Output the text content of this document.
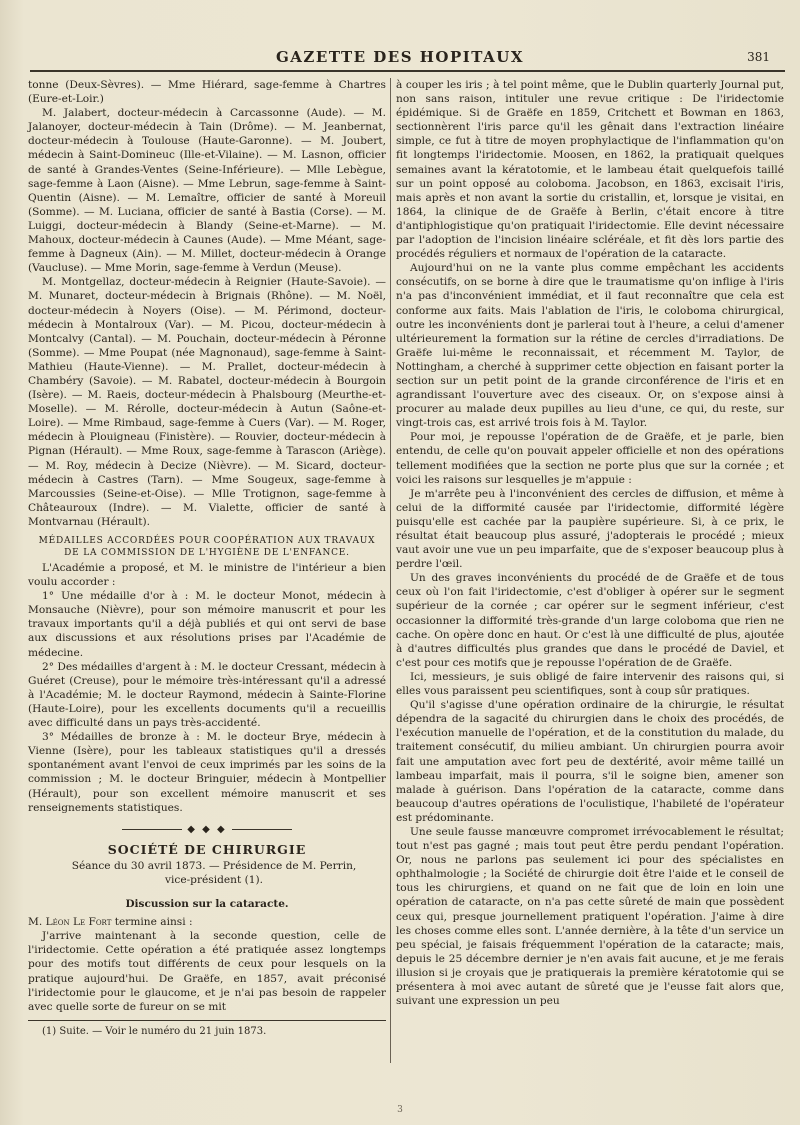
GAZETTE DES HOPITAUX	381

tonne (Deux-Sèvres). — Mme Hiérard, sage-femme à Chartres (Eure-et-Loir.)

M. Jalabert, docteur-médecin à Carcassonne (Aude). — M. Jalanoyer, docteur-médecin à Tain (Drôme). — M. Jeanbernat, docteur-médecin à Toulouse (Haute-Garonne). — M. Joubert, médecin à Saint-Domineuc (Ille-et-Vilaine). — M. Lasnon, officier de santé à Grandes-Ventes (Seine-Inférieure). — Mlle Lebègue, sage-femme à Laon (Aisne). — Mme Lebrun, sage-femme à Saint-Quentin (Aisne). — M. Lemaître, officier de santé à Moreuil (Somme). — M. Luciana, officier de santé à Bastia (Corse). — M. Luiggi, docteur-médecin à Blandy (Seine-et-Marne). — M. Mahoux, docteur-médecin à Caunes (Aude). — Mme Méant, sage-femme à Dagneux (Ain). — M. Millet, docteur-médecin à Orange (Vaucluse). — Mme Morin, sage-femme à Verdun (Meuse).

M. Montgellaz, docteur-médecin à Reignier (Haute-Savoie). — M. Munaret, docteur-médecin à Brignais (Rhône). — M. Noël, docteur-médecin à Noyers (Oise). — M. Périmond, docteur-médecin à Montalroux (Var). — M. Picou, docteur-médecin à Montcalvy (Cantal). — M. Pouchain, docteur-médecin à Péronne (Somme). — Mme Poupat (née Magnonaud), sage-femme à Saint-Mathieu (Haute-Vienne). — M. Prallet, docteur-médecin à Chambéry (Savoie). — M. Rabatel, docteur-médecin à Bourgoin (Isère). — M. Raeis, docteur-médecin à Phalsbourg (Meurthe-et-Moselle). — M. Rérolle, docteur-médecin à Autun (Saône-et-Loire). — Mme Rimbaud, sage-femme à Cuers (Var). — M. Roger, médecin à Plouigneau (Finistère). — Rouvier, docteur-médecin à Pignan (Hérault). — Mme Roux, sage-femme à Tarascon (Ariège). — M. Roy, médecin à Decize (Nièvre). — M. Sicard, docteur-médecin à Castres (Tarn). — Mme Sougeux, sage-femme à Marcoussies (Seine-et-Oise). — Mlle Trotignon, sage-femme à Châteauroux (Indre). — M. Vialette, officier de santé à Montvarnau (Hérault).

MÉDAILLES ACCORDÉES POUR COOPÉRATION AUX TRAVAUX
DE LA COMMISSION DE L'HYGIÈNE DE L'ENFANCE.

L'Académie a proposé, et M. le ministre de l'intérieur a bien voulu accorder :

1° Une médaille d'or à : M. le docteur Monot, médecin à Monsauche (Nièvre), pour son mémoire manuscrit et pour les travaux importants qu'il a déjà publiés et qui ont servi de base aux discussions et aux résolutions prises par l'Académie de médecine.

2° Des médailles d'argent à : M. le docteur Cressant, médecin à Guéret (Creuse), pour le mémoire très-intéressant qu'il a adressé à l'Académie; M. le docteur Raymond, médecin à Sainte-Florine (Haute-Loire), pour les excellents documents qu'il a recueillis avec difficulté dans un pays très-accidenté.

3° Médailles de bronze à : M. le docteur Brye, médecin à Vienne (Isère), pour les tableaux statistiques qu'il a dressés spontanément avant l'envoi de ceux imprimés par les soins de la commission ; M. le docteur Bringuier, médecin à Montpellier (Hérault), pour son excellent mémoire manuscrit et ses renseignements statistiques.

◆ ◆ ◆
SOCIÉTÉ DE CHIRURGIE

Séance du 30 avril 1873. — Présidence de M. Perrin,

vice-président (1).

Discussion sur la cataracte.

M. Léon Le Fort termine ainsi :

J'arrive maintenant à la seconde question, celle de l'iridectomie. Cette opération a été pratiquée assez longtemps pour des motifs tout différents de ceux pour lesquels on la pratique aujourd'hui. De Graëfe, en 1857, avait préconisé l'iridectomie pour le glaucome, et je n'ai pas besoin de rappeler avec quelle sorte de fureur on se mit

(1) Suite. — Voir le numéro du 21 juin 1873.

à couper les iris ; à tel point même, que le Dublin quarterly Journal put, non sans raison, intituler une revue critique : De l'iridectomie épidémique. Si de Graëfe en 1859, Critchett et Bowman en 1863, sectionnèrent l'iris parce qu'il les gênait dans l'extraction linéaire simple, ce fut à titre de moyen prophylactique de l'inflammation qu'on fit longtemps l'iridectomie. Moosen, en 1862, la pratiquait quelques semaines avant la kératotomie, et le lambeau était quelquefois taillé sur un point opposé au coloboma. Jacobson, en 1863, excisait l'iris, mais après et non avant la sortie du cristallin, et, lorsque je visitai, en 1864, la clinique de de Graëfe à Berlin, c'était encore à titre d'antiphlogistique qu'on pratiquait l'iridectomie. Elle devint nécessaire par l'adoption de l'incision linéaire scléréale, et fit dès lors partie des procédés réguliers et normaux de l'opération de la cataracte.

Aujourd'hui on ne la vante plus comme empêchant les accidents consécutifs, on se borne à dire que le traumatisme qu'on inflige à l'iris n'a pas d'inconvénient immédiat, et il faut reconnaître que cela est conforme aux faits. Mais l'ablation de l'iris, le coloboma chirurgical, outre les inconvénients dont je parlerai tout à l'heure, a celui d'amener ultérieurement la formation sur la rétine de cercles d'irradiations. De Graëfe lui-même le reconnaissait, et récemment M. Taylor, de Nottingham, a cherché à supprimer cette objection en faisant porter la section sur un petit point de la grande circonférence de l'iris et en agrandissant l'ouverture avec des ciseaux. Or, on s'expose ainsi à procurer au malade deux pupilles au lieu d'une, ce qui, du reste, sur vingt-trois cas, est arrivé trois fois à M. Taylor.

Pour moi, je repousse l'opération de de Graëfe, et je parle, bien entendu, de celle qu'on pouvait appeler officielle et non des opérations tellement modifiées que la section ne porte plus que sur la cornée ; et voici les raisons sur lesquelles je m'appuie :

Je m'arrête peu à l'inconvénient des cercles de diffusion, et même à celui de la difformité causée par l'iridectomie, difformité légère puisqu'elle est cachée par la paupière supérieure. Si, à ce prix, le résultat était beaucoup plus assuré, j'adopterais le procédé ; mieux vaut avoir une vue un peu imparfaite, que de s'exposer beaucoup plus à perdre l'œil.

Un des graves inconvénients du procédé de de Graëfe et de tous ceux où l'on fait l'iridectomie, c'est d'obliger à opérer sur le segment supérieur de la cornée ; car opérer sur le segment inférieur, c'est occasionner la difformité très-grande d'un large coloboma que rien ne cache. On opère donc en haut. Or c'est là une difficulté de plus, ajoutée à d'autres difficultés plus grandes que dans le procédé de Daviel, et c'est pour ces motifs que je repousse l'opération de de Graëfe.

Ici, messieurs, je suis obligé de faire intervenir des raisons qui, si elles vous paraissent peu scientifiques, sont à coup sûr pratiques.

Qu'il s'agisse d'une opération ordinaire de la chirurgie, le résultat dépendra de la sagacité du chirurgien dans le choix des procédés, de l'exécution manuelle de l'opération, et de la constitution du malade, du traitement consécutif, du milieu ambiant. Un chirurgien pourra avoir fait une amputation avec fort peu de dextérité, avoir même taillé un lambeau imparfait, mais il pourra, s'il le soigne bien, amener son malade à guérison. Dans l'opération de la cataracte, comme dans beaucoup d'autres opérations de l'oculistique, l'habileté de l'opérateur est prédominante.

Une seule fausse manœuvre compromet irrévocablement le résultat; tout n'est pas gagné ; mais tout peut être perdu pendant l'opération. Or, nous ne parlons pas seulement ici pour des spécialistes en ophthalmologie ; la Société de chirurgie doit être l'aide et le conseil de tous les chirurgiens, et quand on ne fait que de loin en loin une opération de cataracte, on n'a pas cette sûreté de main que possèdent ceux qui, presque journellement pratiquent l'opération. J'aime à dire les choses comme elles sont. L'année dernière, à la tête d'un service un peu spécial, je faisais fréquemment l'opération de la cataracte; mais, depuis le 25 décembre dernier je n'en avais fait aucune, et je me ferais illusion si je croyais que je pratiquerais la première kératotomie qui se présentera à moi avec autant de sûreté que je l'eusse fait alors que, suivant une expression un peu

3
